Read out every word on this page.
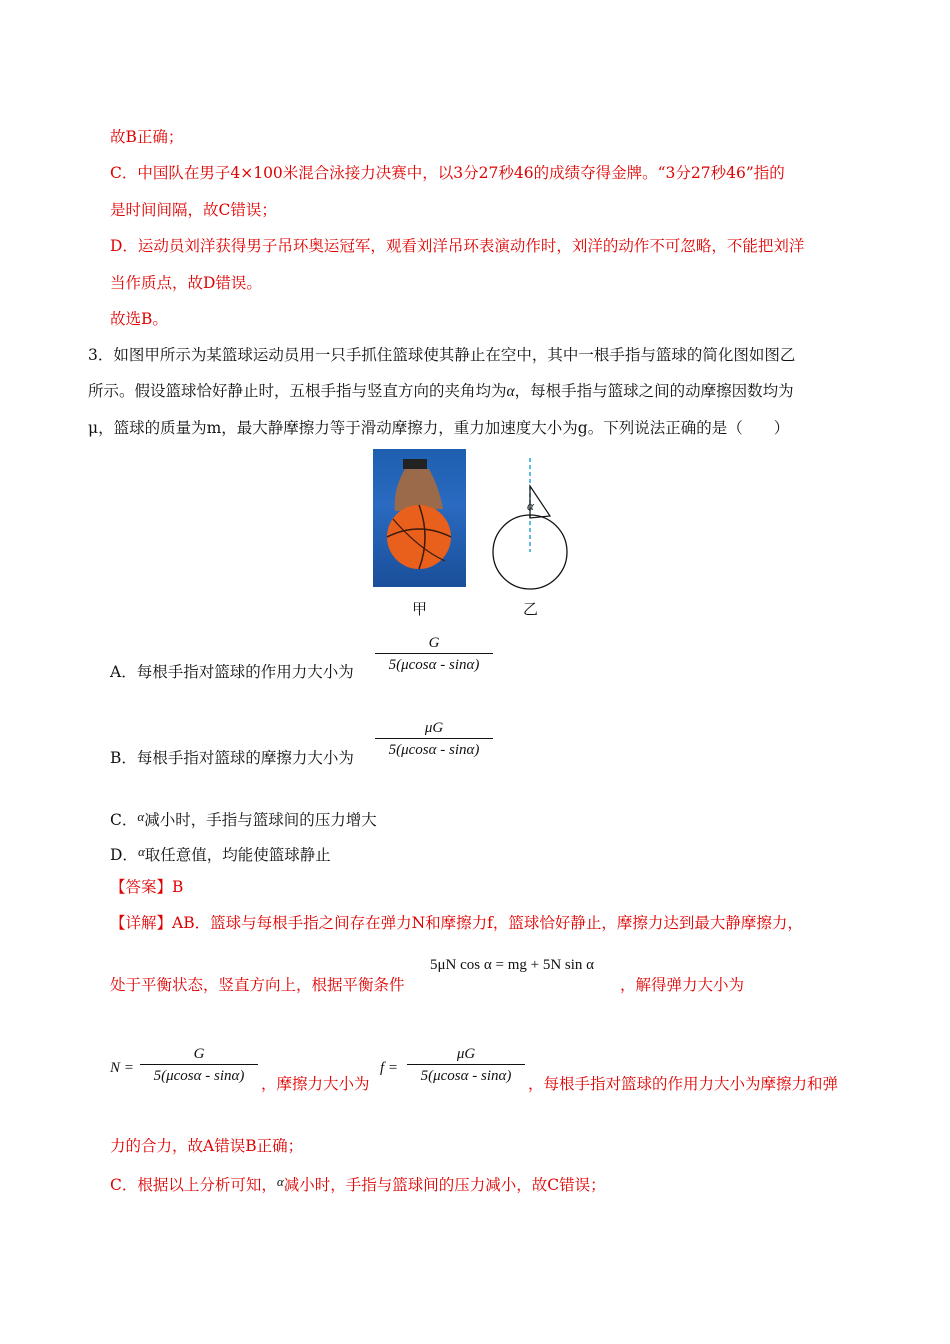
故B正确；
C．中国队在男子4×100米混合泳接力决赛中，以3分27秒46的成绩夺得金牌。“3分27秒46”指的
是时间间隔，故C错误；
D．运动员刘洋获得男子吊环奥运冠军，观看刘洋吊环表演动作时，刘洋的动作不可忽略，不能把刘洋
当作质点，故D错误。
故选B。
3．如图甲所示为某篮球运动员用一只手抓住篮球使其静止在空中，其中一根手指与篮球的简化图如图乙
所示。假设篮球恰好静止时，五根手指与竖直方向的夹角均为α，每根手指与篮球之间的动摩擦因数均为
μ，篮球的质量为m，最大静摩擦力等于滑动摩擦力，重力加速度大小为g。下列说法正确的是（　　）
α
甲	乙
A．每根手指对篮球的作用力大小为
G
5(μcosα - sinα)
B．每根手指对篮球的摩擦力大小为
μG
5(μcosα - sinα)
C．$^\alpha$减小时，手指与篮球间的压力增大
D．$^\alpha$取任意值，均能使篮球静止
【答案】B
【详解】AB．篮球与每根手指之间存在弹力N和摩擦力f，篮球恰好静止，摩擦力达到最大静摩擦力，
处于平衡状态，竖直方向上，根据平衡条件
5μN cos α = mg + 5N sin α
，解得弹力大小为
N =
G
5(μcosα - sinα)	，摩擦力大小为
f =
μG
5(μcosα - sinα)	，每根手指对篮球的作用力大小为摩擦力和弹
力的合力，故A错误B正确；
C．根据以上分析可知，$^\alpha$减小时，手指与篮球间的压力减小，故C错误；
